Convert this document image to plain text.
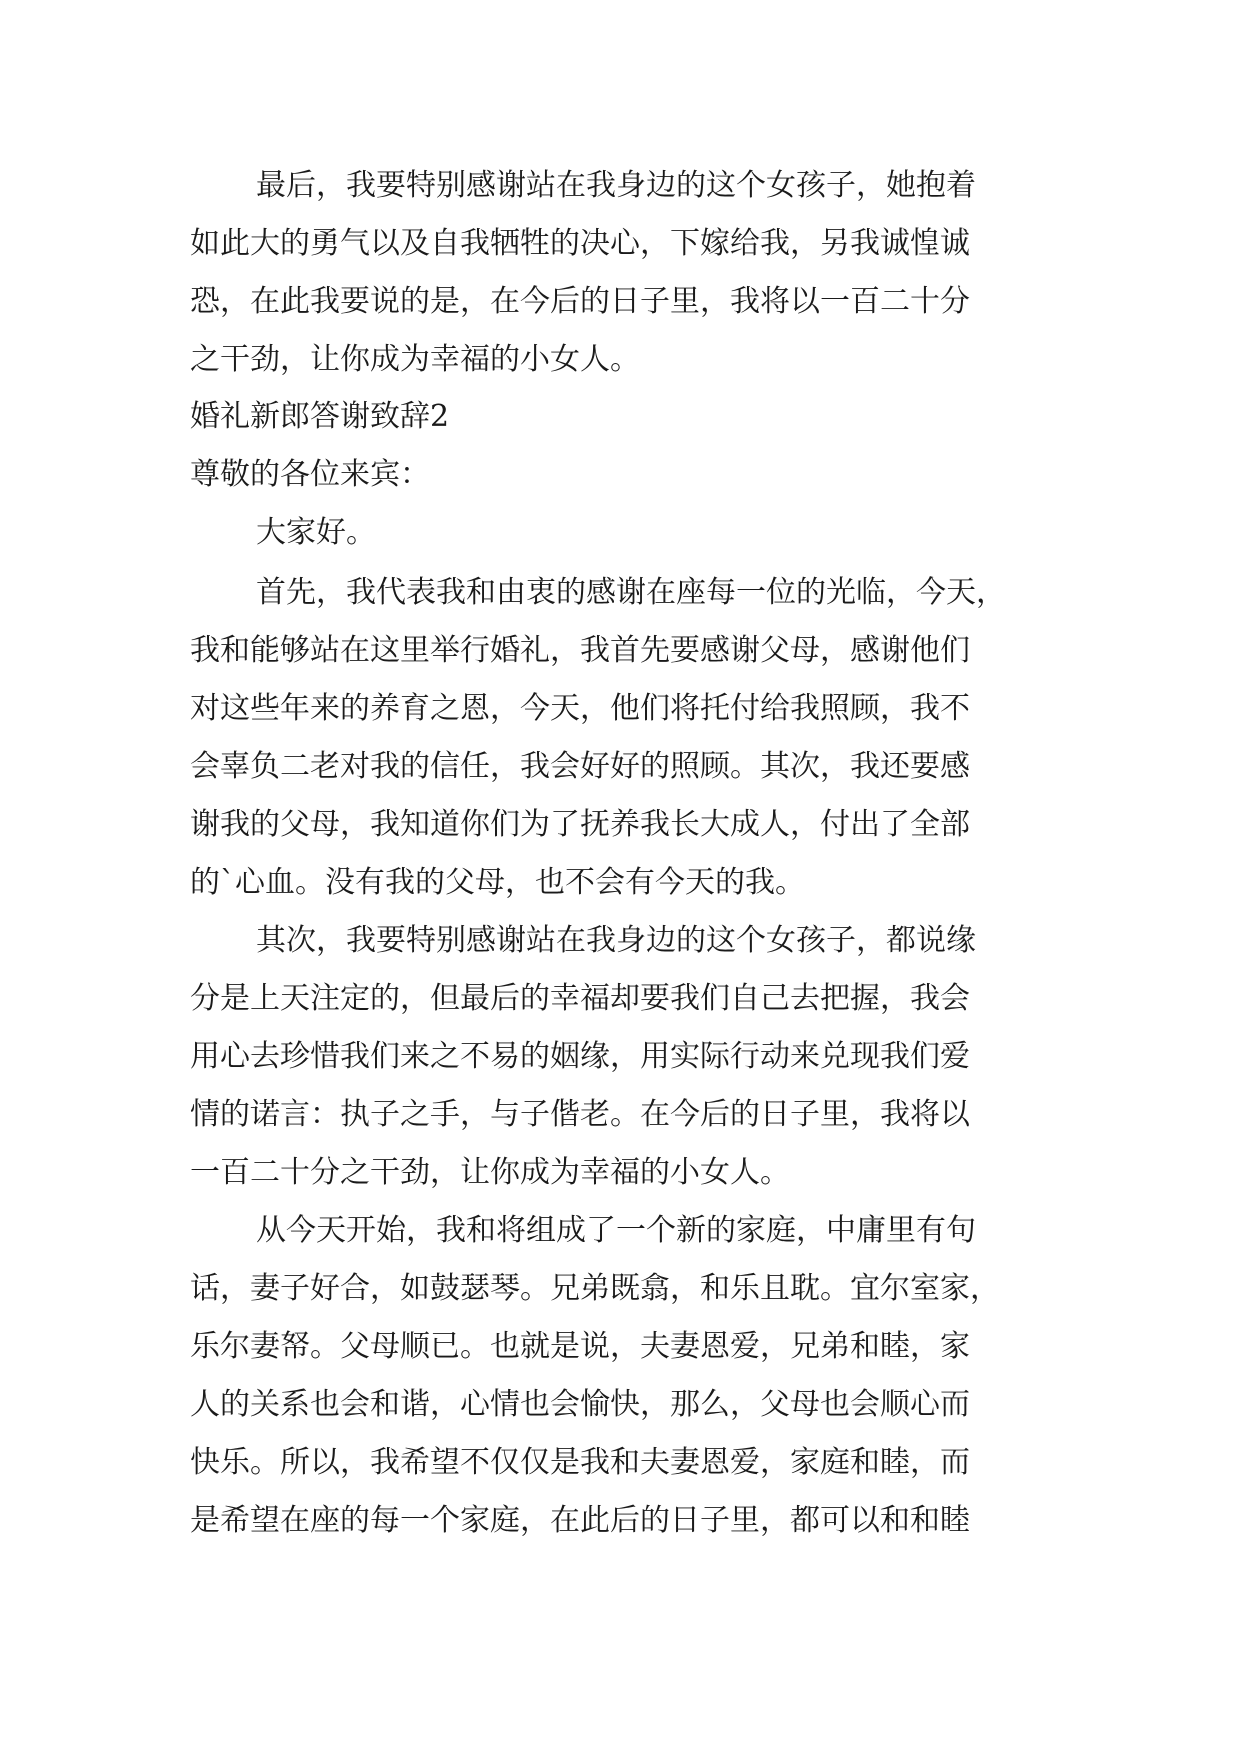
最后，我要特别感谢站在我身边的这个女孩子，她抱着
如此大的勇气以及自我牺牲的决心，下嫁给我，另我诚惶诚
恐，在此我要说的是，在今后的日子里，我将以一百二十分
之干劲，让你成为幸福的小女人。
婚礼新郎答谢致辞2
尊敬的各位来宾：
大家好。
首先，我代表我和由衷的感谢在座每一位的光临，今天，
我和能够站在这里举行婚礼，我首先要感谢父母，感谢他们
对这些年来的养育之恩，今天，他们将托付给我照顾，我不
会辜负二老对我的信任，我会好好的照顾。其次，我还要感
谢我的父母，我知道你们为了抚养我长大成人，付出了全部
的`心血。没有我的父母，也不会有今天的我。
其次，我要特别感谢站在我身边的这个女孩子，都说缘
分是上天注定的，但最后的幸福却要我们自己去把握，我会
用心去珍惜我们来之不易的姻缘，用实际行动来兑现我们爱
情的诺言：执子之手，与子偕老。在今后的日子里，我将以
一百二十分之干劲，让你成为幸福的小女人。
从今天开始，我和将组成了一个新的家庭，中庸里有句
话，妻子好合，如鼓瑟琴。兄弟既翕，和乐且耽。宜尔室家，
乐尔妻帑。父母顺已。也就是说，夫妻恩爱，兄弟和睦，家
人的关系也会和谐，心情也会愉快，那么，父母也会顺心而
快乐。所以，我希望不仅仅是我和夫妻恩爱，家庭和睦，而
是希望在座的每一个家庭，在此后的日子里，都可以和和睦
